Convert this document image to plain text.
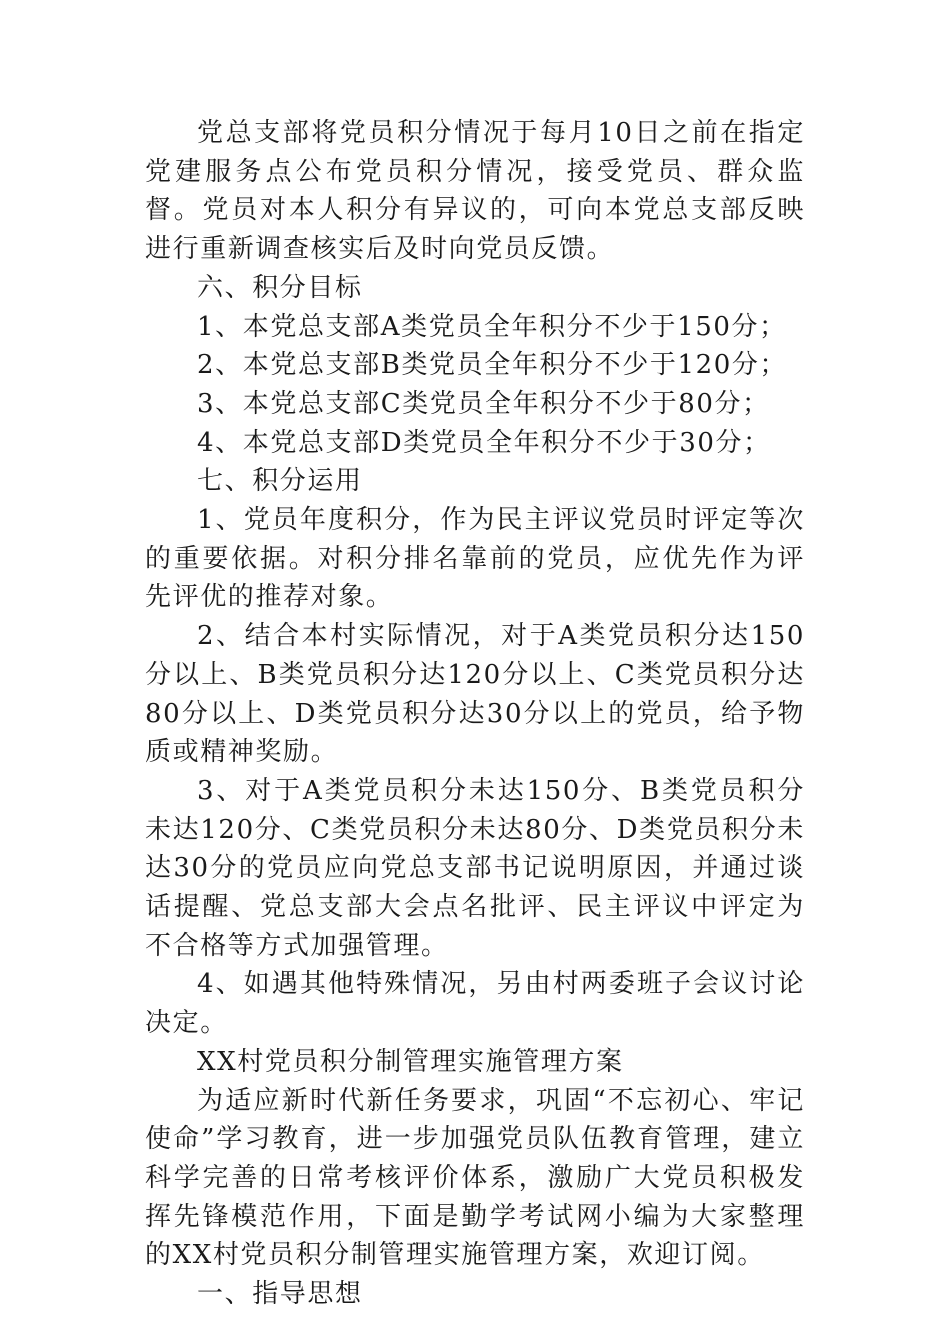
党总支部将党员积分情况于每月10日之前在指定党建服务点公布党员积分情况，接受党员、群众监督。党员对本人积分有异议的，可向本党总支部反映进行重新调查核实后及时向党员反馈。

六、积分目标

1、本党总支部A类党员全年积分不少于150分；

2、本党总支部B类党员全年积分不少于120分；

3、本党总支部C类党员全年积分不少于80分；

4、本党总支部D类党员全年积分不少于30分；

七、积分运用

1、党员年度积分，作为民主评议党员时评定等次的重要依据。对积分排名靠前的党员，应优先作为评先评优的推荐对象。

2、结合本村实际情况，对于A类党员积分达150分以上、B类党员积分达120分以上、C类党员积分达80分以上、D类党员积分达30分以上的党员，给予物质或精神奖励。

3、对于A类党员积分未达150分、B类党员积分未达120分、C类党员积分未达80分、D类党员积分未达30分的党员应向党总支部书记说明原因，并通过谈话提醒、党总支部大会点名批评、民主评议中评定为不合格等方式加强管理。

4、如遇其他特殊情况，另由村两委班子会议讨论决定。

XX村党员积分制管理实施管理方案

为适应新时代新任务要求，巩固“不忘初心、牢记使命”学习教育，进一步加强党员队伍教育管理，建立科学完善的日常考核评价体系，激励广大党员积极发挥先锋模范作用，下面是勤学考试网小编为大家整理的XX村党员积分制管理实施管理方案，欢迎订阅。

一、指导思想
